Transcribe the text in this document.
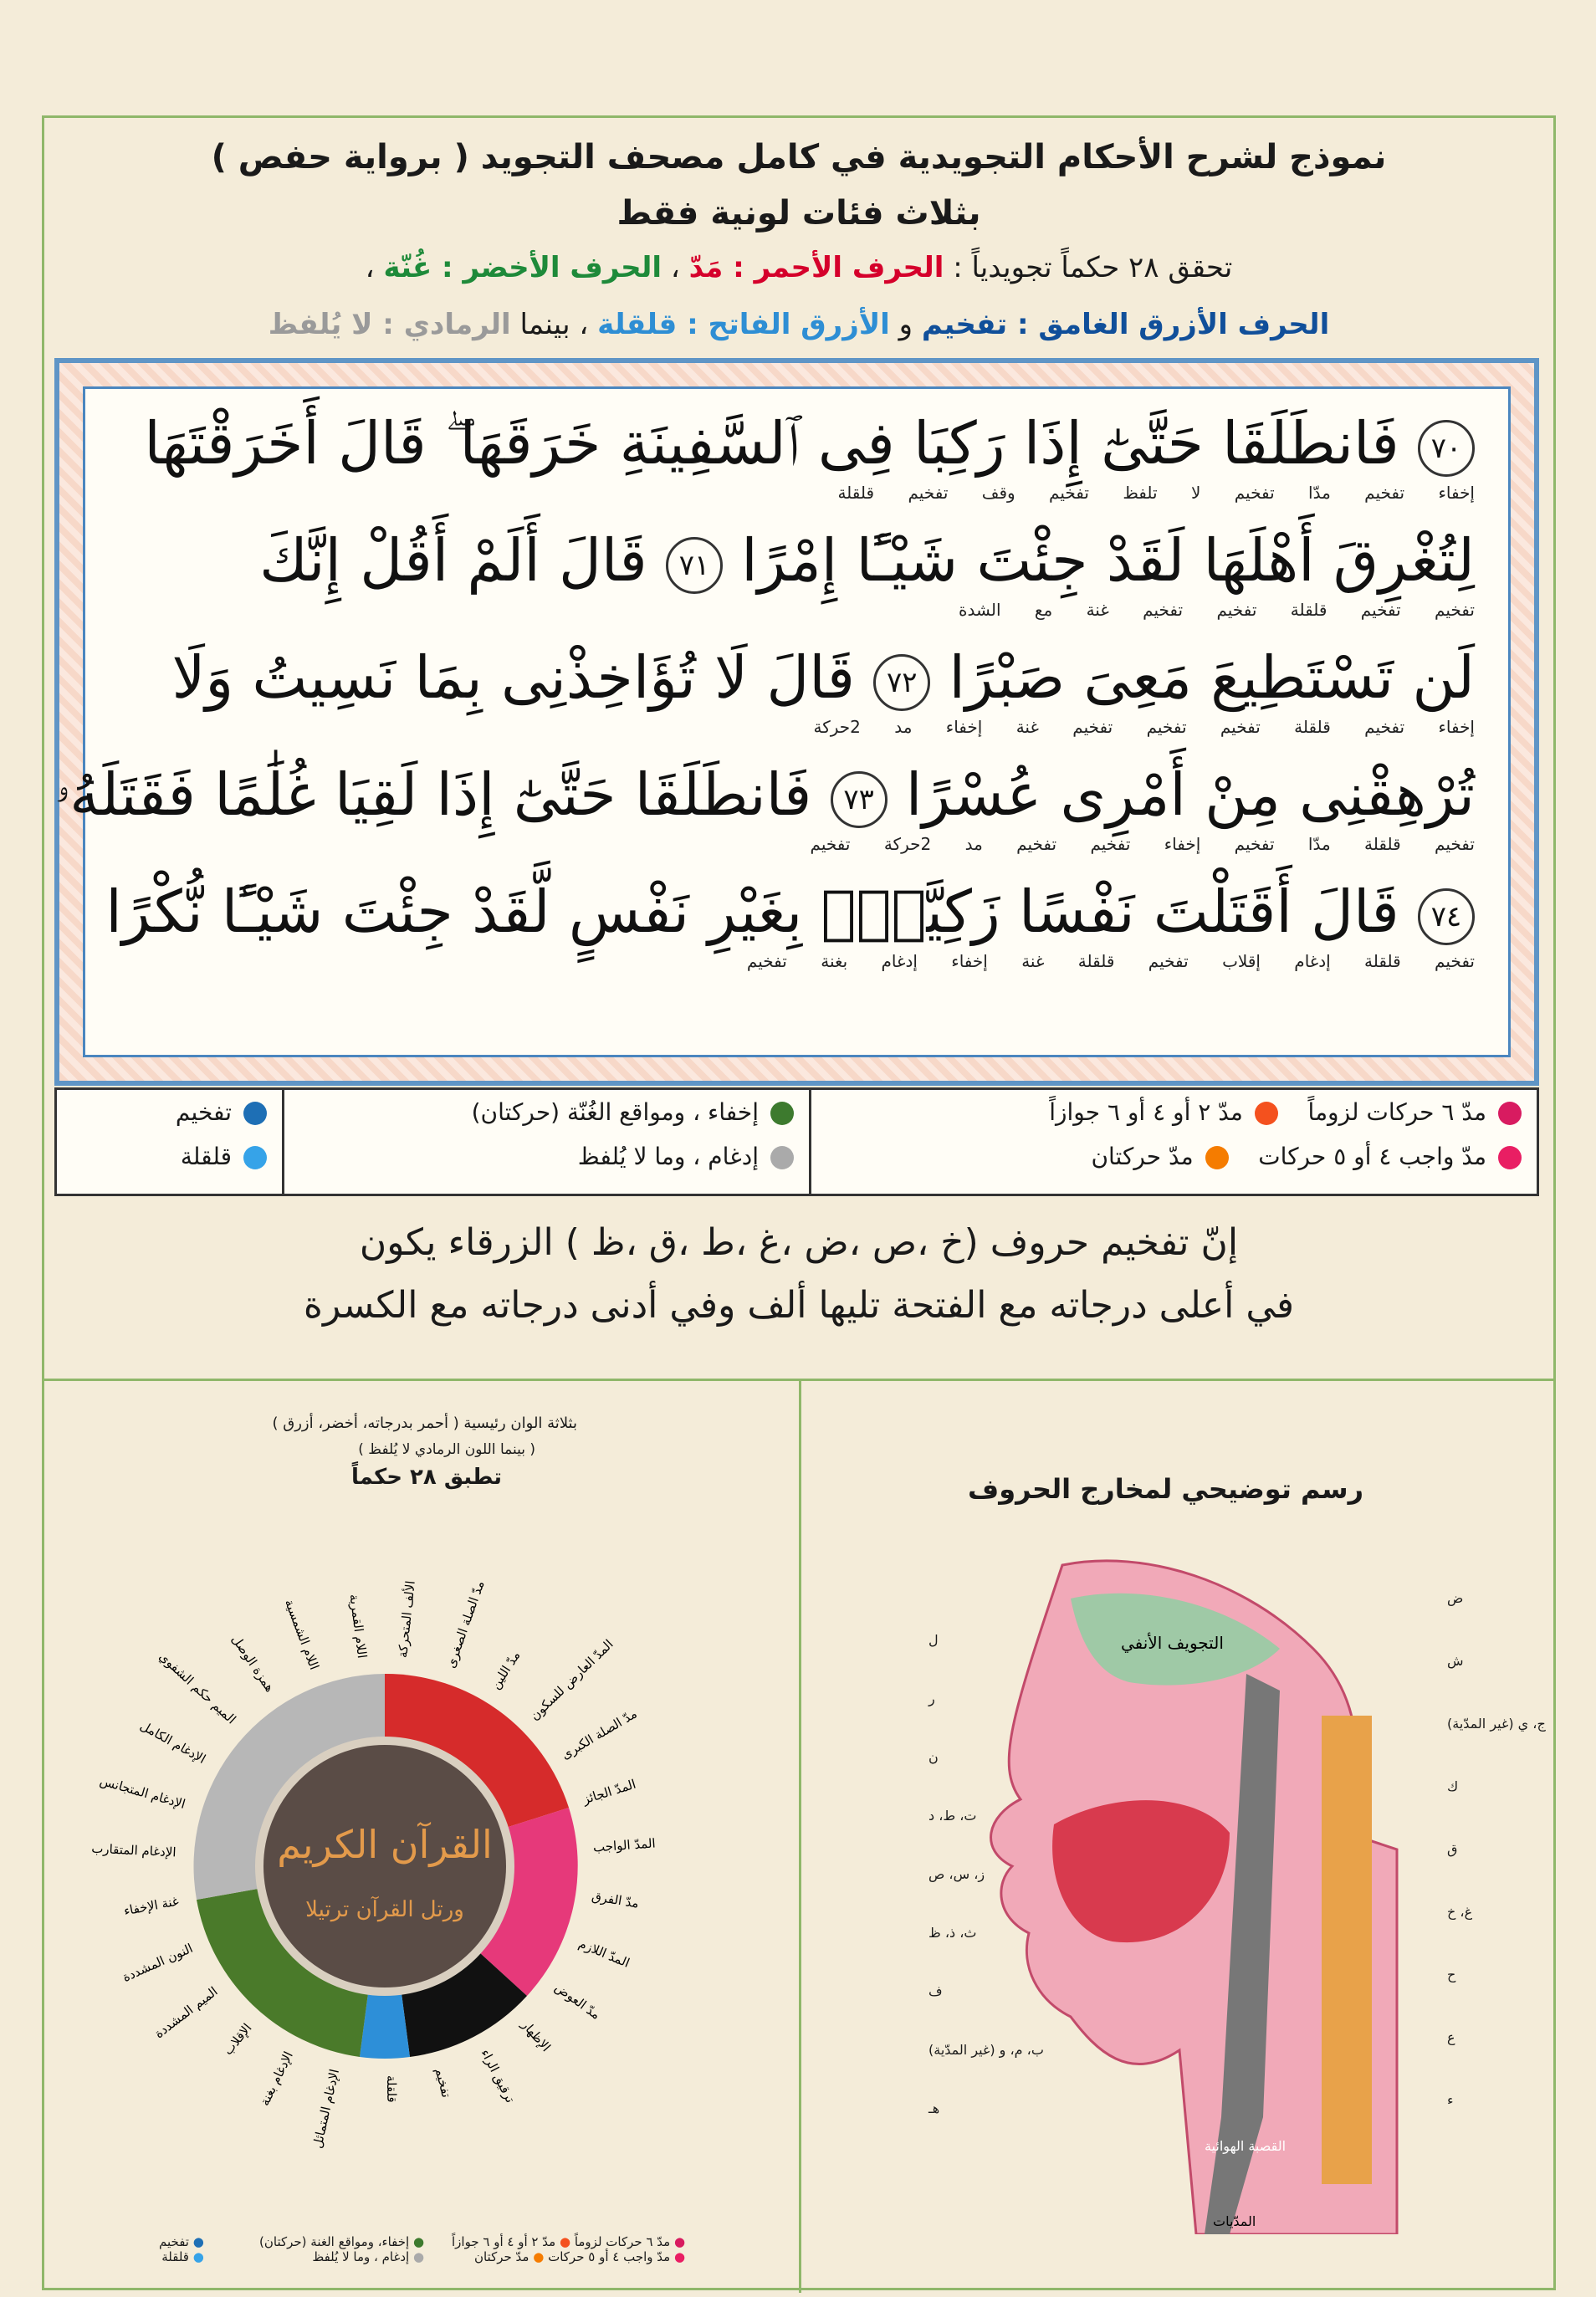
نموذج لشرح الأحكام التجويدية في كامل مصحف التجويد ( برواية حفص )
بثلاث فئات لونية فقط
تحقق ٢٨ حكماً تجويدياً : الحرف الأحمر : مَدّ ، الحرف الأخضر : غُنّة ،
الحرف الأزرق الغامق : تفخيم و الأزرق الفاتح : قلقلة ، بينما الرمادي : لا يُلفظ
٧٠ فَانطَلَقَا حَتَّىٰٓ إِذَا رَكِبَا فِى ٱلسَّفِينَةِ خَرَقَهَا ۖ قَالَ أَخَرَقْتَهَا
إخفاء تفخيم مدّا تفخيم لا تلفظ تفخيم وقف تفخيم قلقلة
لِتُغْرِقَ أَهْلَهَا لَقَدْ جِئْتَ شَيْـًٔا إِمْرًا ٧١ قَالَ أَلَمْ أَقُلْ إِنَّكَ
تفخيم تفخيم قلقلة تفخيم تفخيم غنة مع الشدة
لَن تَسْتَطِيعَ مَعِىَ صَبْرًا ٧٢ قَالَ لَا تُؤَاخِذْنِى بِمَا نَسِيتُ وَلَا
إخفاء تفخيم قلقلة تفخيم تفخيم تفخيم غنة إخفاء مد 2حركة
تُرْهِقْنِى مِنْ أَمْرِى عُسْرًا ٧٣ فَانطَلَقَا حَتَّىٰٓ إِذَا لَقِيَا غُلَٰمًا فَقَتَلَهُۥ
تفخيم قلقلة مدّا تفخيم إخفاء تفخيم تفخيم مد 2حركة تفخيم
٧٤ قَالَ أَقَتَلْتَ نَفْسًا زَكِيَّةًۢ بِغَيْرِ نَفْسٍ لَّقَدْ جِئْتَ شَيْـًٔا نُّكْرًا
تفخيم قلقلة إدغام إقلاب تفخيم قلقلة غنة إخفاء إدغام بغنة تفخيم
مدّ ٦ حركات لزوماً    مدّ ٢ أو ٤ أو ٦ جوازاً
مدّ واجب ٤ أو ٥ حركات    مدّ حركتان
إخفاء ، ومواقع الغُنّة (حركتان)
إدغام ، وما لا يُلفظ
تفخيم
قلقلة
إنّ تفخيم حروف (خ ،ص ،ض ،غ ،ط ،ق ،ظ ) الزرقاء يكون
في أعلى درجاته مع الفتحة تليها ألف وفي أدنى درجاته مع الكسرة
بثلاثة الوان رئيسية ( أحمر بدرجاته، أخضر، أزرق )
( بينما اللون الرمادي لا يُلفظ )
تطبق ٢٨ حكماً
القرآن الكريم
ورتل القرآن ترتيلا
الألف المتحركة مدّ الصلة الصغرى
مدّ اللين المدّ العارض للسكون
مدّ الصلة الكبرى
المدّ الجائز
المدّ الواجب
مدّ الفرق
المدّ اللازم
مدّ العوض
الإظهار
ترقيق الراء
تفخيم
قلقلة
الإدغام المتماثل
الإدغام بغنة
الإقلاب
الميم المشددة
النون المشددة
غنة الإخفاء
الإدغام المتقارب
الإدغام المتجانس
الإدغام الكامل
الميم حكم الشفوي
همزة الوصل اللام الشمسية اللام القمرية
● مدّ ٦ حركات لزوماً ● مدّ ٢ أو ٤ أو ٦ جوازاً
● مدّ واجب ٤ أو ٥ حركات ● مدّ حركتان
● إخفاء، ومواقع الغنة (حركتان)
● إدغام ، وما لا يُلفظ
● تفخيم
● قلقلة
رسم توضيحي لمخارج الحروف
التجويف الأنفي
القصبة الهوائية
المدّيات
ل
ر
ن
ت، ط، د
ز، س، ص
ث، ذ، ظ
ف
ب، م، و (غير المدّية)
هـ
ض
ش
ج، ي (غير المدّية)
ك
ق
غ، خ
ح
ع
ء
